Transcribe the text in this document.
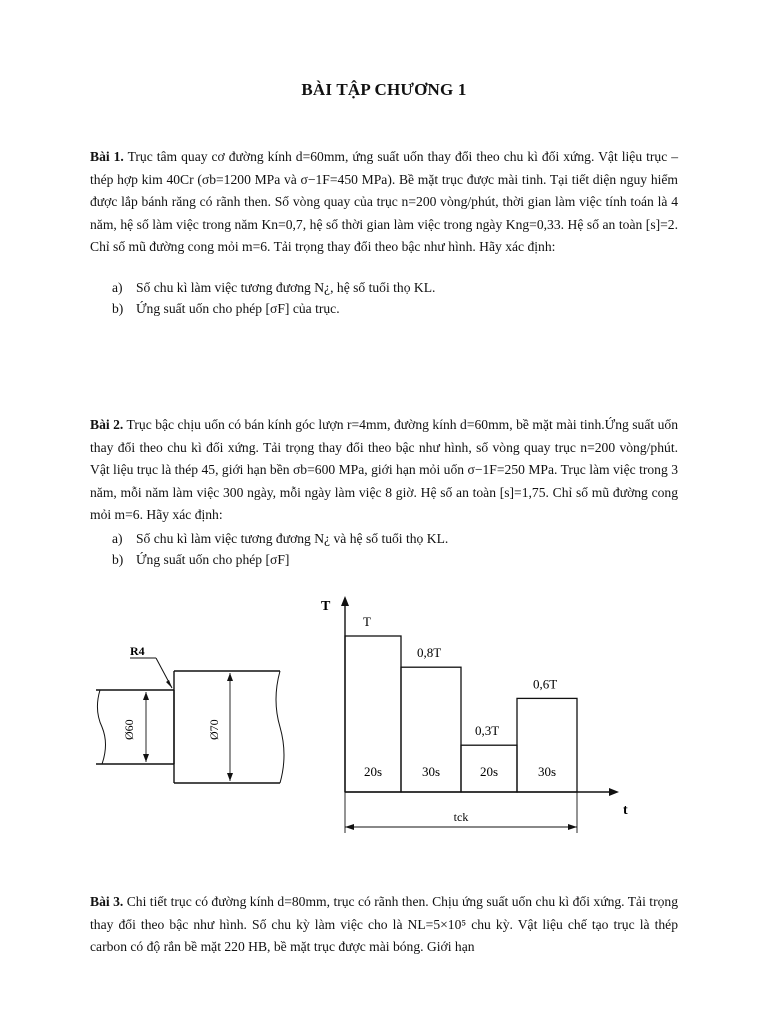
BÀI TẬP CHƯƠNG 1
Bài 1. Trục tâm quay cơ đường kính d=60mm, ứng suất uốn thay đổi theo chu kì đối xứng. Vật liệu trục – thép hợp kim 40Cr (σb=1200 MPa và σ−1F=450 MPa). Bề mặt trục được mài tinh. Tại tiết diện nguy hiểm được lắp bánh răng có rãnh then. Số vòng quay của trục n=200 vòng/phút, thời gian làm việc tính toán là 4 năm, hệ số làm việc trong năm Kn=0,7, hệ số thời gian làm việc trong ngày Kng=0,33. Hệ số an toàn [s]=2. Chỉ số mũ đường cong mỏi m=6. Tải trọng thay đổi theo bậc như hình. Hãy xác định:
a) Số chu kì làm việc tương đương N¿, hệ số tuổi thọ KL.
b) Ứng suất uốn cho phép [σF] của trục.
Bài 2. Trục bậc chịu uốn có bán kính góc lượn r=4mm, đường kính d=60mm, bề mặt mài tinh.Ứng suất uốn thay đổi theo chu kì đối xứng. Tải trọng thay đổi theo bậc như hình, số vòng quay trục n=200 vòng/phút. Vật liệu trục là thép 45, giới hạn bền σb=600 MPa, giới hạn mỏi uốn σ−1F=250 MPa. Trục làm việc trong 3 năm, mỗi năm làm việc 300 ngày, mỗi ngày làm việc 8 giờ. Hệ số an toàn [s]=1,75. Chỉ số mũ đường cong mỏi m=6. Hãy xác định:
a) Số chu kì làm việc tương đương N¿ và hệ số tuổi thọ KL.
b) Ứng suất uốn cho phép [σF]
R4
Ø60	Ø70
T
t
T
20s
0,8T
30s
0,3T
20s
0,6T
30s
tck
Bài 3. Chi tiết trục có đường kính d=80mm, trục có rãnh then. Chịu ứng suất uốn chu kì đối xứng. Tải trọng thay đổi theo bậc như hình. Số chu kỳ làm việc cho là NL=5×10⁵ chu kỳ. Vật liệu chế tạo trục là thép carbon có độ rắn bề mặt 220 HB, bề mặt trục được mài bóng. Giới hạn
